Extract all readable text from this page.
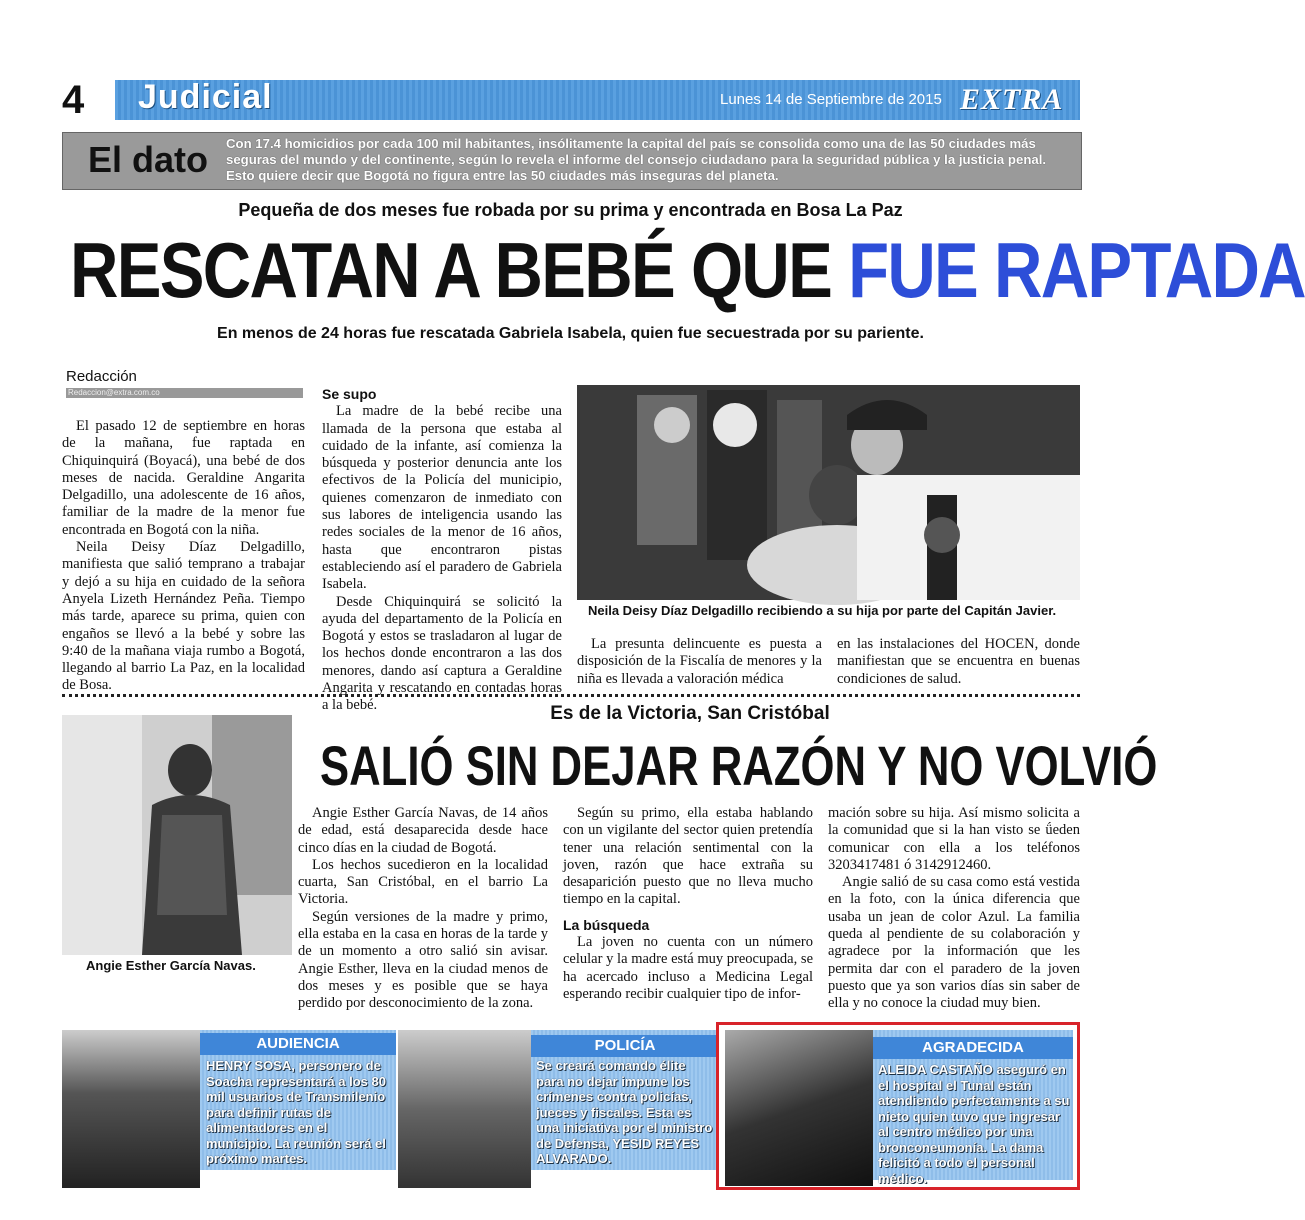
4 Judicial	Lunes 14 de Septiembre de 2015 EXTRA
El dato Con 17.4 homicidios por cada 100 mil habitantes, insólitamente la capital del país se consolida como una de las 50 ciudades más seguras del mundo y del continente, según lo revela el informe del consejo ciudadano para la seguridad pública y la justicia penal. Esto quiere decir que Bogotá no figura entre las 50 ciudades más inseguras del planeta.
Pequeña de dos meses fue robada por su prima y encontrada en Bosa La Paz
RESCATAN A BEBÉ QUE FUE RAPTADA
En menos de 24 horas fue rescatada Gabriela Isabela, quien fue secuestrada por su pariente.
Redacción
Redaccion@extra.com.co

El pasado 12 de septiembre en horas de la mañana, fue raptada en Chiquinquirá (Boyacá), una bebé de dos meses de nacida. Geraldine Angarita Delgadillo, una adolescente de 16 años, familiar de la madre de la menor fue encontrada en Bogotá con la niña.

Neila Deisy Díaz Delgadillo, manifiesta que salió temprano a trabajar y dejó a su hija en cuidado de la señora Anyela Lizeth Hernández Peña. Tiempo más tarde, aparece su prima, quien con engaños se llevó a la bebé y sobre las 9:40 de la mañana viaja rumbo a Bogotá, llegando al barrio La Paz, en la localidad de Bosa.

Se supo

La madre de la bebé recibe una llamada de la persona que estaba al cuidado de la infante, así comienza la búsqueda y posterior denuncia ante los efectivos de la Policía del municipio, quienes comenzaron de inmediato con sus labores de inteligencia usando las redes sociales de la menor de 16 años, hasta que encontraron pistas estableciendo así el paradero de Gabriela Isabela.

Desde Chiquinquirá se solicitó la ayuda del departamento de la Policía en Bogotá y estos se trasladaron al lugar de los hechos donde encontraron a las dos menores, dando así captura a Geraldine Angarita y rescatando en contadas horas a la bebé.

Neila Deisy Díaz Delgadillo recibiendo a su hija por parte del Capitán Javier.

La presunta delincuente es puesta a disposición de la Fiscalía de menores y la niña es llevada a valoración médica

en las instalaciones del HOCEN, donde manifiestan que se encuentra en buenas condiciones de salud.

Angie Esther García Navas.
Es de la Victoria, San Cristóbal
SALIÓ SIN DEJAR RAZÓN Y NO VOLVIÓ

Angie Esther García Navas, de 14 años de edad, está desaparecida desde hace cinco días en la ciudad de Bogotá.

Los hechos sucedieron en la localidad cuarta, San Cristóbal, en el barrio La Victoria.

Según versiones de la madre y primo, ella estaba en la casa en horas de la tarde y de un momento a otro salió sin avisar. Angie Esther, lleva en la ciudad menos de dos meses y es posible que se haya perdido por desconocimiento de la zona.

Según su primo, ella estaba hablando con un vigilante del sector quien pretendía tener una relación sentimental con la joven, razón que hace extraña su desaparición puesto que no lleva mucho tiempo en la capital.

La búsqueda

La joven no cuenta con un número celular y la madre está muy preocupada, se ha acercado incluso a Medicina Legal esperando recibir cualquier tipo de infor-

mación sobre su hija. Así mismo solicita a la comunidad que si la han visto se ǘeden comunicar con ella a los teléfonos 3203417481 ó 3142912460.

Angie salió de su casa como está vestida en la foto, con la única diferencia que usaba un jean de color Azul. La familia queda al pendiente de su colaboración y agradece por la información que les permita dar con el paradero de la joven puesto que ya son varios días sin saber de ella y no conoce la ciudad muy bien.

AUDIENCIA
HENRY SOSA, personero de Soacha representará a los 80 mil usuarios de Transmilenio para definir rutas de alimentadores en el municipio. La reunión será el próximo martes.
POLICÍA
Se creará comando élite para no dejar impune los crímenes contra policías, jueces y fiscales. Esta es una iniciativa por el ministro de Defensa, YESID REYES ALVARADO.
AGRADECIDA
ALEIDA CASTAÑO aseguró en el hospital el Tunal están atendiendo perfectamente a su nieto quien tuvo que ingresar al centro médico por una bronconeumonía. La dama felicitó a todo el personal médico.
